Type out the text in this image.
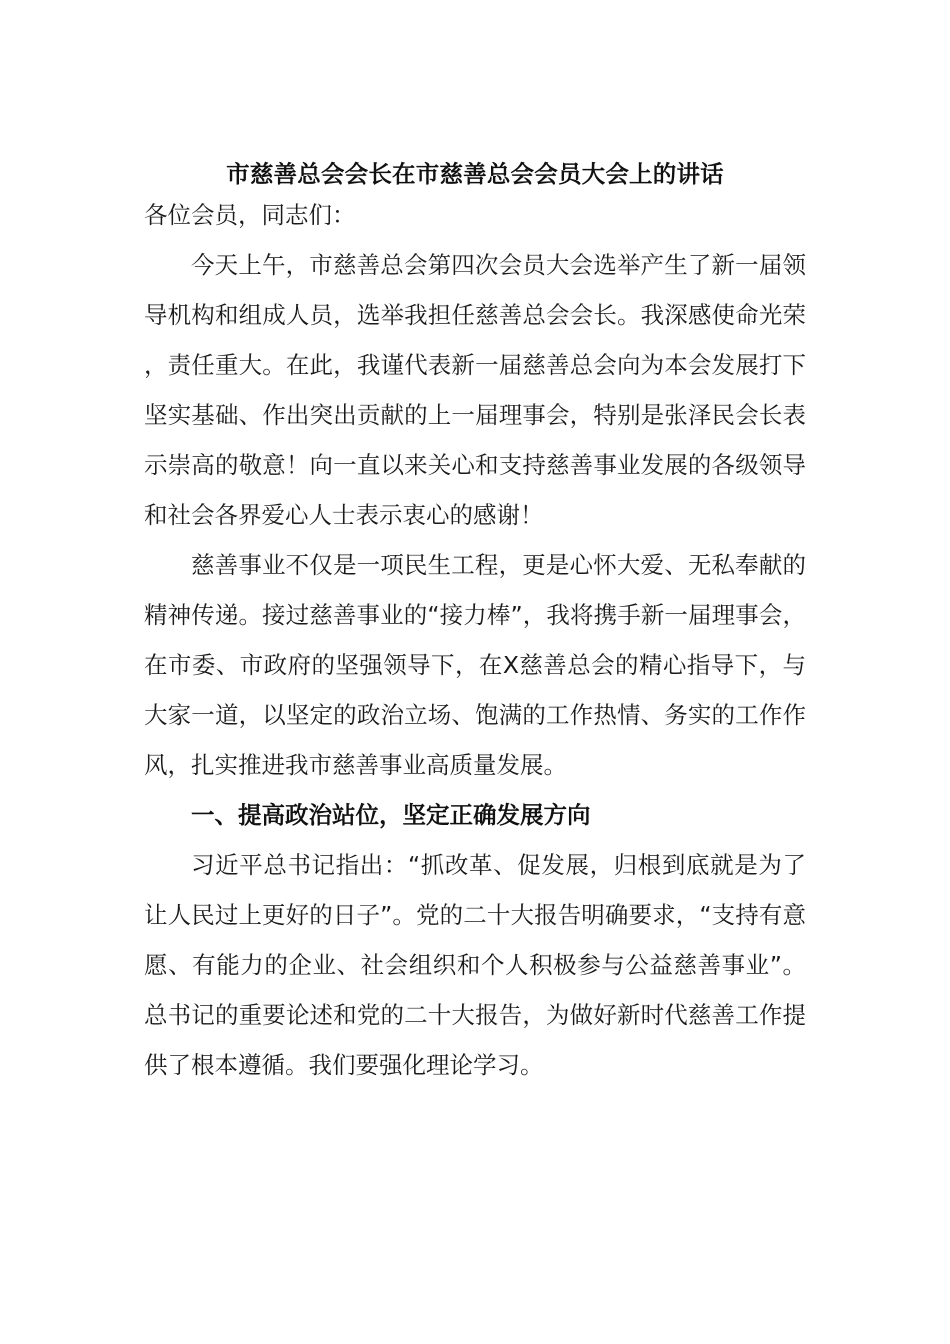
市慈善总会会长在市慈善总会会员大会上的讲话

各位会员，同志们：

今天上午，市慈善总会第四次会员大会选举产生了新一届领导机构和组成人员，选举我担任慈善总会会长。我深感使命光荣，责任重大。在此，我谨代表新一届慈善总会向为本会发展打下坚实基础、作出突出贡献的上一届理事会，特别是张泽民会长表示崇高的敬意！向一直以来关心和支持慈善事业发展的各级领导和社会各界爱心人士表示衷心的感谢！

慈善事业不仅是一项民生工程，更是心怀大爱、无私奉献的精神传递。接过慈善事业的“接力棒”，我将携手新一届理事会，在市委、市政府的坚强领导下，在X慈善总会的精心指导下，与大家一道，以坚定的政治立场、饱满的工作热情、务实的工作作风，扎实推进我市慈善事业高质量发展。

一、提高政治站位，坚定正确发展方向

习近平总书记指出：“抓改革、促发展，归根到底就是为了让人民过上更好的日子”。党的二十大报告明确要求，“支持有意愿、有能力的企业、社会组织和个人积极参与公益慈善事业”。总书记的重要论述和党的二十大报告，为做好新时代慈善工作提供了根本遵循。我们要强化理论学习。
